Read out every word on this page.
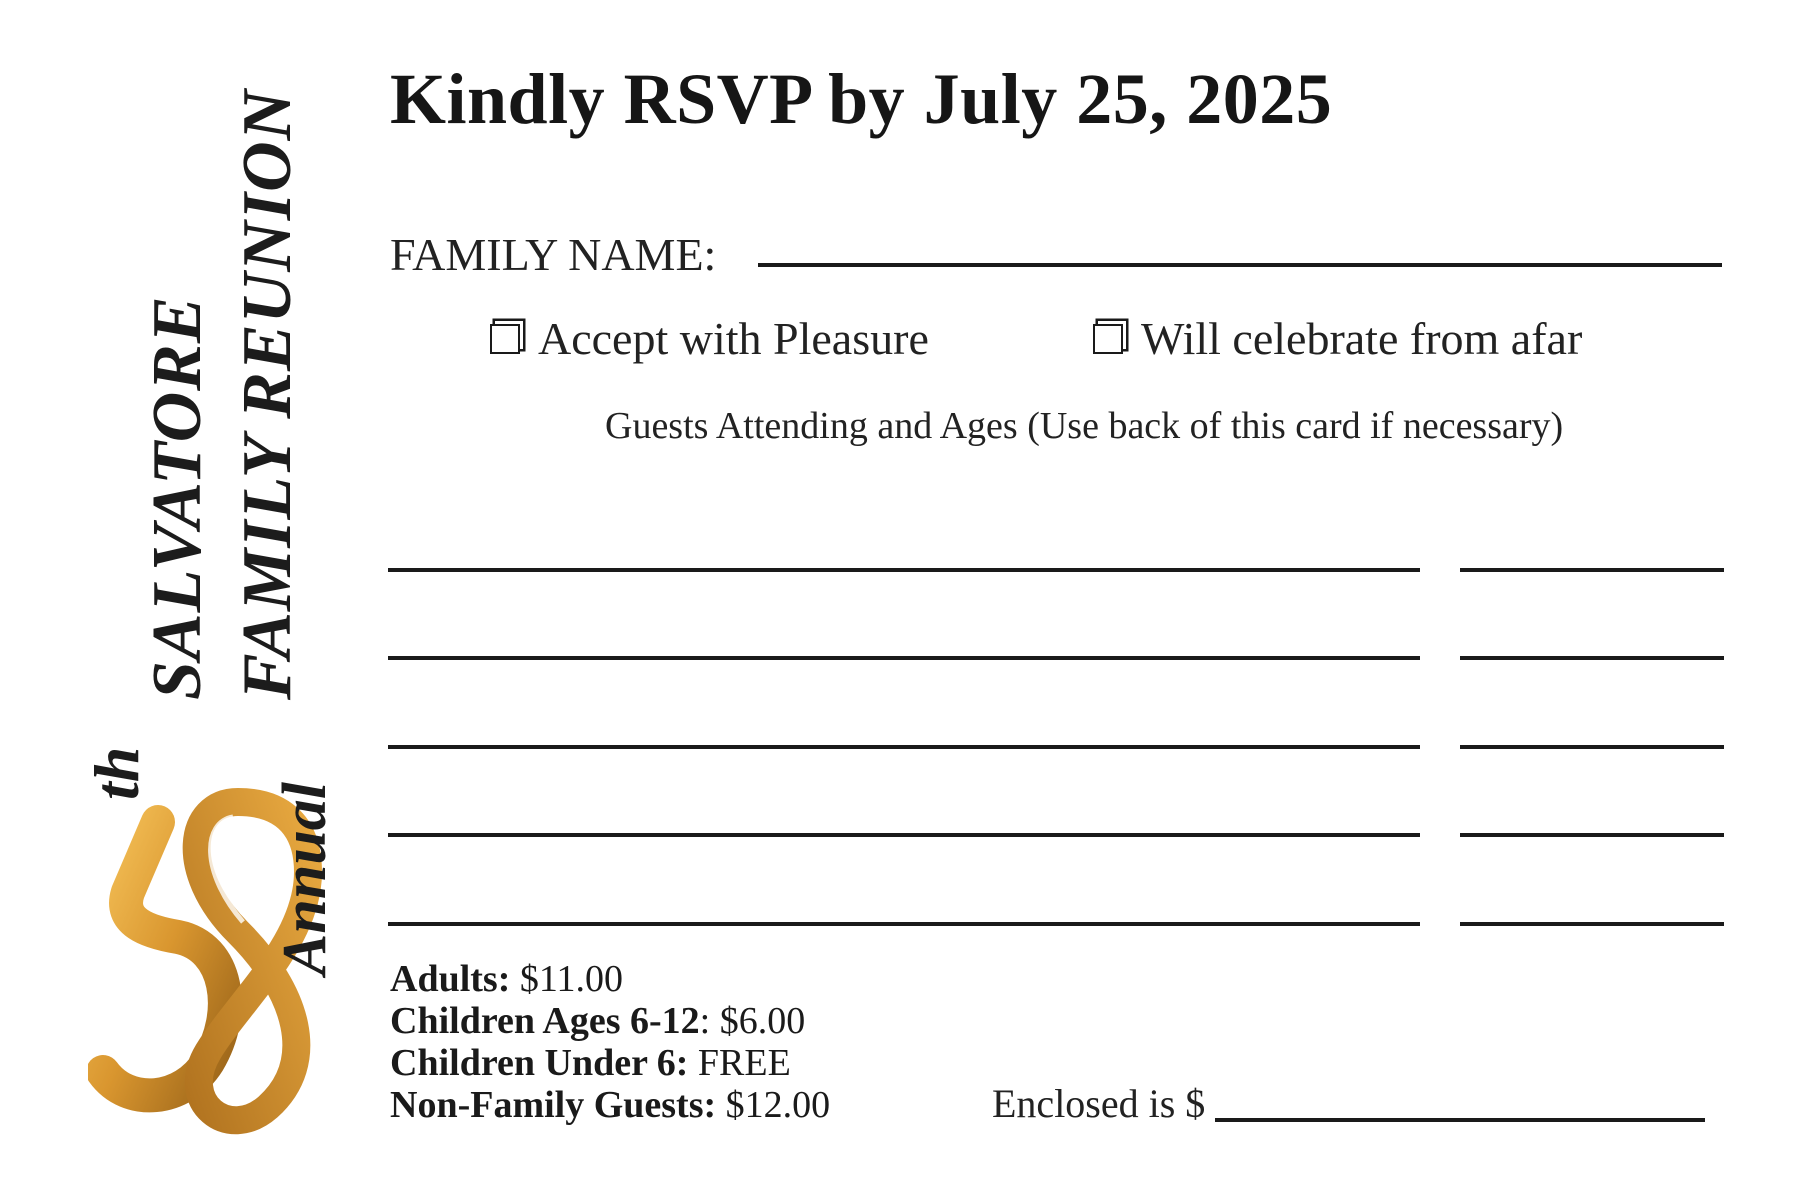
SALVATORE FAMILY REUNION
th
Annual
Kindly RSVP by July 25, 2025
FAMILY NAME:
Accept with Pleasure	Will celebrate from afar
Guests Attending and Ages (Use back of this card if necessary)
Adults: $11.00
Children Ages 6-12: $6.00
Children Under 6: FREE
Non-Family Guests: $12.00	Enclosed is $
